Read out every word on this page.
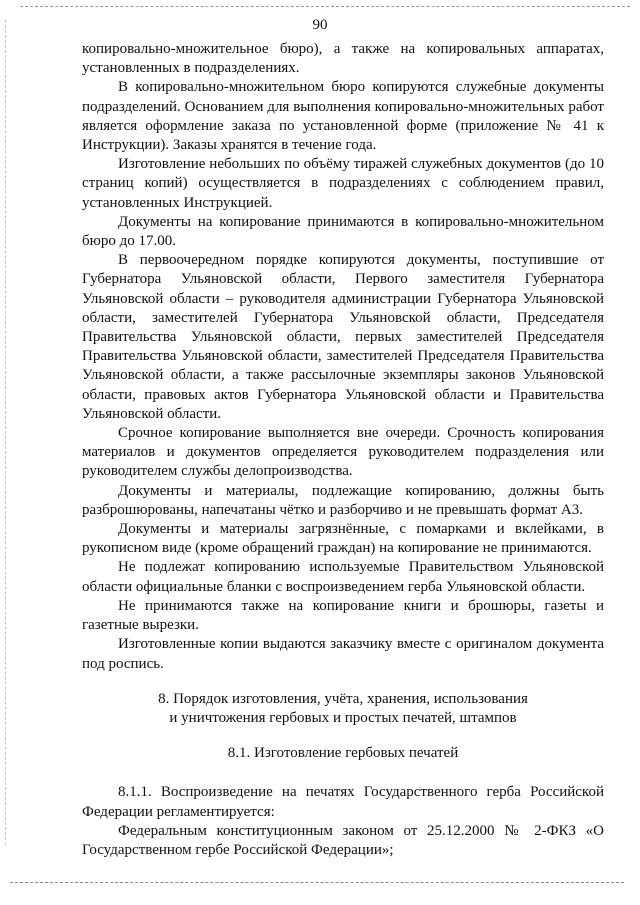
90

копировально-множительное бюро), а также на копировальных аппаратах, установленных в подразделениях.

В копировально-множительном бюро копируются служебные документы подразделений. Основанием для выполнения копировально-множительных работ является оформление заказа по установленной форме (приложение № 41 к Инструкции). Заказы хранятся в течение года.

Изготовление небольших по объёму тиражей служебных документов (до 10 страниц копий) осуществляется в подразделениях с соблюдением правил, установленных Инструкцией.

Документы на копирование принимаются в копировально-множительном бюро до 17.00.

В первоочередном порядке копируются документы, поступившие от Губернатора Ульяновской области, Первого заместителя Губернатора Ульяновской области – руководителя администрации Губернатора Ульяновской области, заместителей Губернатора Ульяновской области, Председателя Правительства Ульяновской области, первых заместителей Председателя Правительства Ульяновской области, заместителей Председателя Правительства Ульяновской области, а также рассылочные экземпляры законов Ульяновской области, правовых актов Губернатора Ульяновской области и Правительства Ульяновской области.

Срочное копирование выполняется вне очереди. Срочность копирования материалов и документов определяется руководителем подразделения или руководителем службы делопроизводства.

Документы и материалы, подлежащие копированию, должны быть разброшюрованы, напечатаны чётко и разборчиво и не превышать формат А3.

Документы и материалы загрязнённые, с помарками и вклейками, в рукописном виде (кроме обращений граждан) на копирование не принимаются.

Не подлежат копированию используемые Правительством Ульяновской области официальные бланки с воспроизведением герба Ульяновской области.

Не принимаются также на копирование книги и брошюры, газеты и газетные вырезки.

Изготовленные копии выдаются заказчику вместе с оригиналом документа под роспись.

8. Порядок изготовления, учёта, хранения, использования
и уничтожения гербовых и простых печатей, штампов
8.1. Изготовление гербовых печатей

8.1.1. Воспроизведение на печатях Государственного герба Российской Федерации регламентируется:

Федеральным конституционным законом от 25.12.2000 № 2-ФКЗ «О Государственном гербе Российской Федерации»;
